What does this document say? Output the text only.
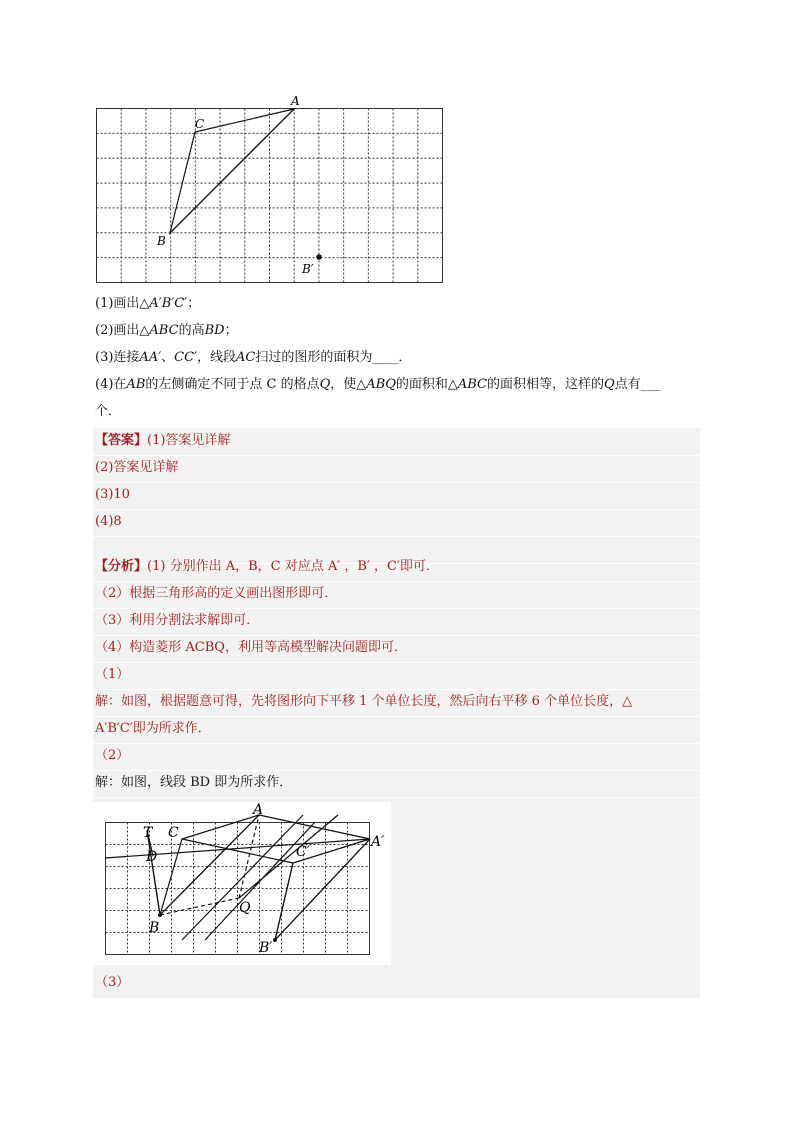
A
C
B
B′
(1)画出△A′B′C′；
(2)画出△ABC的高BD；
(3)连接AA′、CC′，线段AC扫过的图形的面积为____．
(4)在AB的左侧确定不同于点 C 的格点Q，使△ABQ的面积和△ABC的面积相等，这样的Q点有___
个．
【答案】(1)答案见详解
(2)答案见详解
(3)10
(4)8
【分析】(1) 分别作出 A，B，C 对应点 A′ ，B′ ，C′即可．
（2）根据三角形高的定义画出图形即可．
（3）利用分割法求解即可．
（4）构造菱形 ACBQ，利用等高模型解决问题即可．
（1）
解：如图，根据题意可得，先将图形向下平移 1 个单位长度，然后向右平移 6 个单位长度，△
A′B′C′即为所求作．
（2）
解：如图，线段 BD 即为所求作．
A
A′
T C
D	C′
Q
B
B′
（3）
